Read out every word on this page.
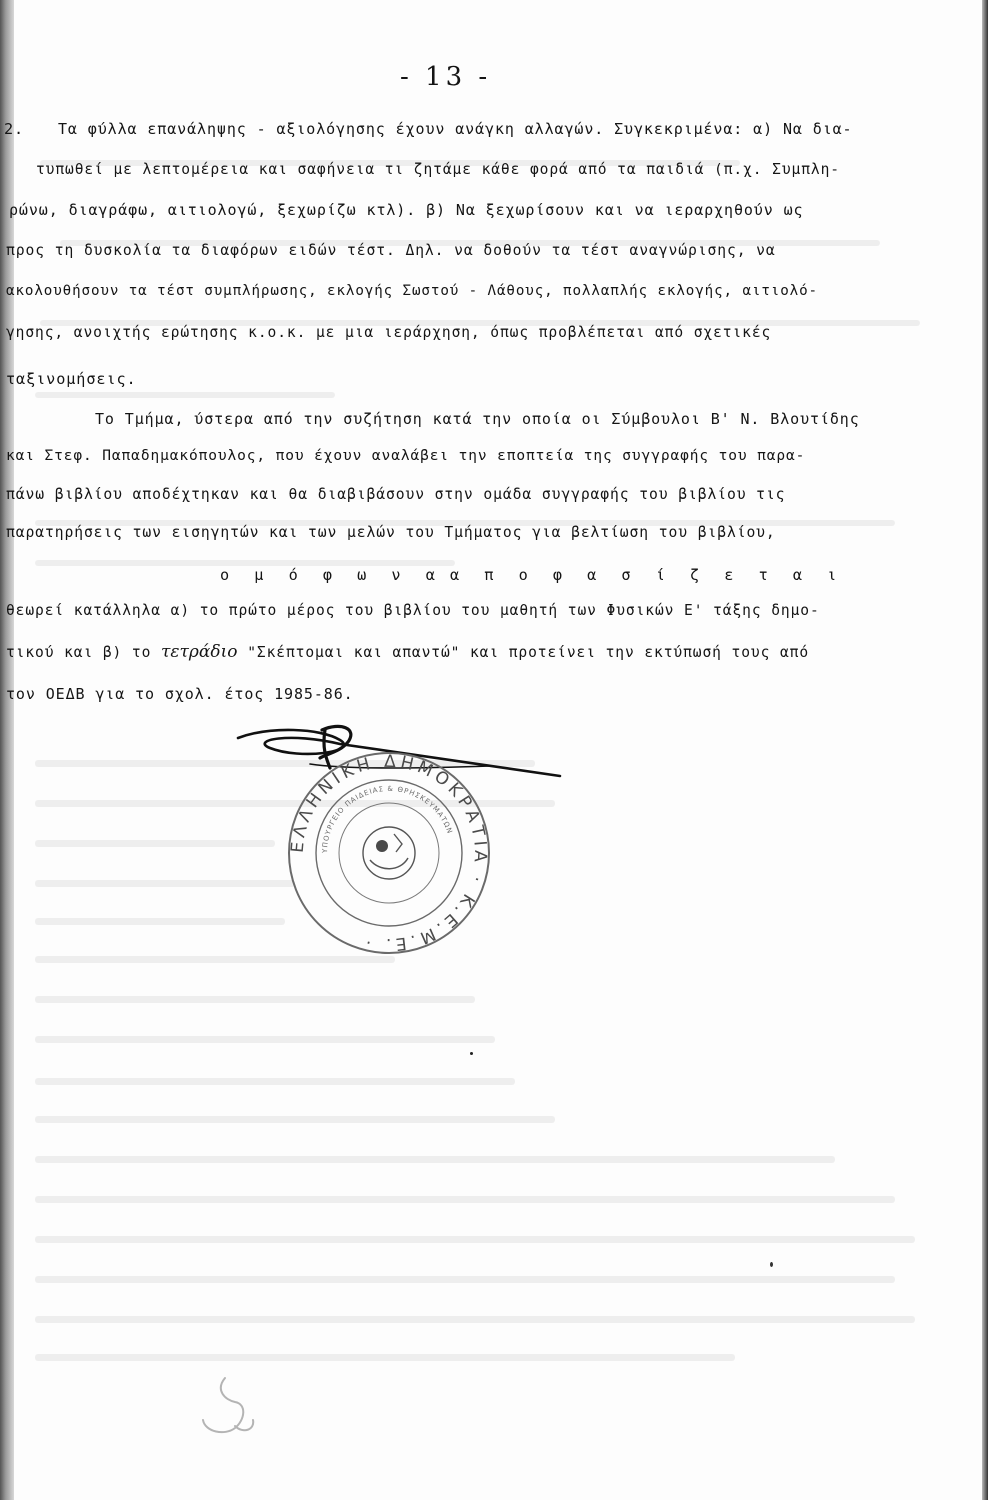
- 13 -
2. Τα φύλλα επανάληψης - αξιολόγησης έχουν ανάγκη αλλαγών. Συγκεκριμένα: α) Να δια-
τυπωθεί με λεπτομέρεια και σαφήνεια τι ζητάμε κάθε φορά από τα παιδιά (π.χ. Συμπλη-
ρώνω, διαγράφω, αιτιολογώ, ξεχωρίζω κτλ). β) Να ξεχωρίσουν και να ιεραρχηθούν ως
προς τη δυσκολία τα διαφόρων ειδών τέστ. Δηλ. να δοθούν τα τέστ αναγνώρισης, να
ακολουθήσουν τα τέστ συμπλήρωσης, εκλογής Σωστού - Λάθους, πολλαπλής εκλογής, αιτιολό-
γησης, ανοιχτής ερώτησης κ.ο.κ. με μια ιεράρχηση, όπως προβλέπεται από σχετικές
ταξινομήσεις.
Το Τμήμα, ύστερα από την συζήτηση κατά την οποία οι Σύμβουλοι Β' Ν. Βλουτίδης
και Στεφ. Παπαδημακόπουλος, που έχουν αναλάβει την εποπτεία της συγγραφής του παρα-
πάνω βιβλίου αποδέχτηκαν και θα διαβιβάσουν στην ομάδα συγγραφής του βιβλίου τις
παρατηρήσεις των εισηγητών και των μελών του Τμήματος για βελτίωση του βιβλίου,
ο μ ό φ ω ν α α π ο φ α σ ί ζ ε τ α ι
θεωρεί κατάλληλα α) το πρώτο μέρος του βιβλίου του μαθητή των Φυσικών Ε' τάξης δημο-
τικού και β) το τετράδιο "Σκέπτομαι και απαντώ" και προτείνει την εκτύπωσή τους από
τον ΟΕΔΒ για το σχολ. έτος 1985-86.
ΕΛΛΗΝΙΚΗ ΔΗΜΟΚΡΑΤΙΑ · Κ.Ε.Μ.Ε. ·
ΥΠΟΥΡΓΕΙΟ ΠΑΙΔΕΙΑΣ & ΘΡΗΣΚΕΥΜΑΤΩΝ
